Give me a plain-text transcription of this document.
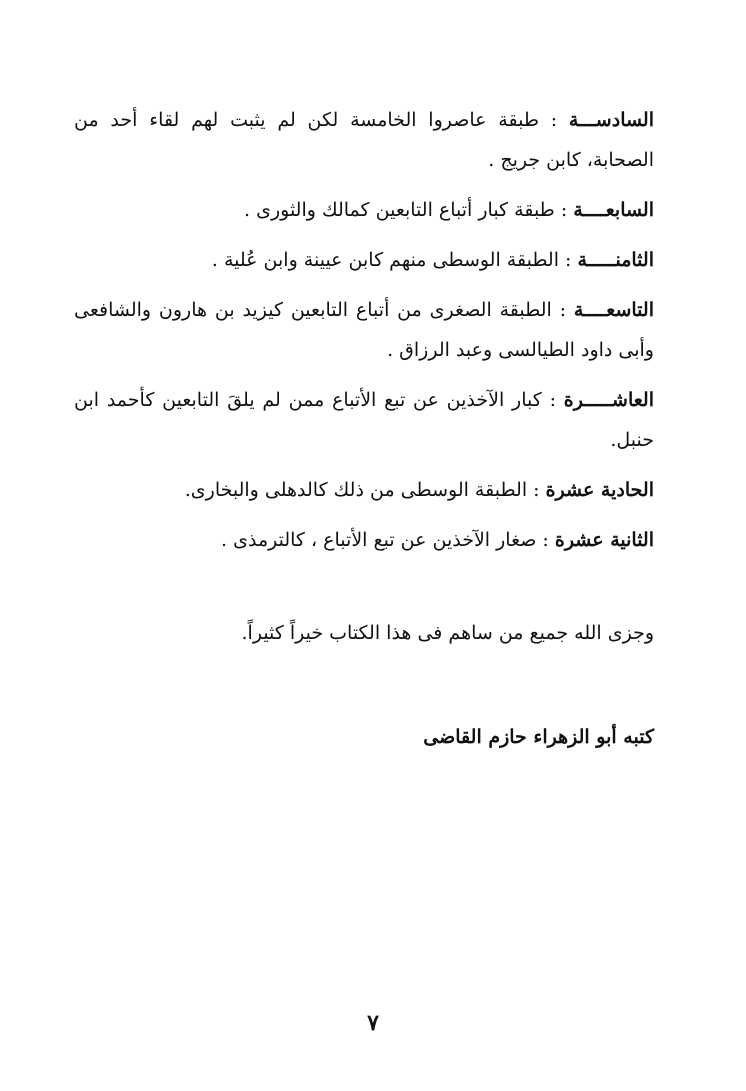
السادســـة : طبقة عاصروا الخامسة لكن لم يثبت لهم لقاء أحد من الصحابة، كابن جريج .

السابعــــة : طبقة كبار أتباع التابعين كمالك والثورى .

الثامنـــــة : الطبقة الوسطى منهم كابن عيينة وابن عُلية .

التاسعــــة : الطبقة الصغرى من أتباع التابعين كيزيد بن هارون والشافعى وأبى داود الطيالسى وعبد الرزاق .

العاشـــــرة : كبار الآخذين عن تبع الأتباع ممن لم يلقَ التابعين كأحمد ابن حنبل.

الحادية عشرة : الطبقة الوسطى من ذلك كالدهلى والبخارى.

الثانية عشرة : صغار الآخذين عن تبع الأتباع ، كالترمذى .

وجزى الله جميع من ساهم فى هذا الكتاب خيراً كثيراً.

كتبه أبو الزهراء حازم القاضى

٧
